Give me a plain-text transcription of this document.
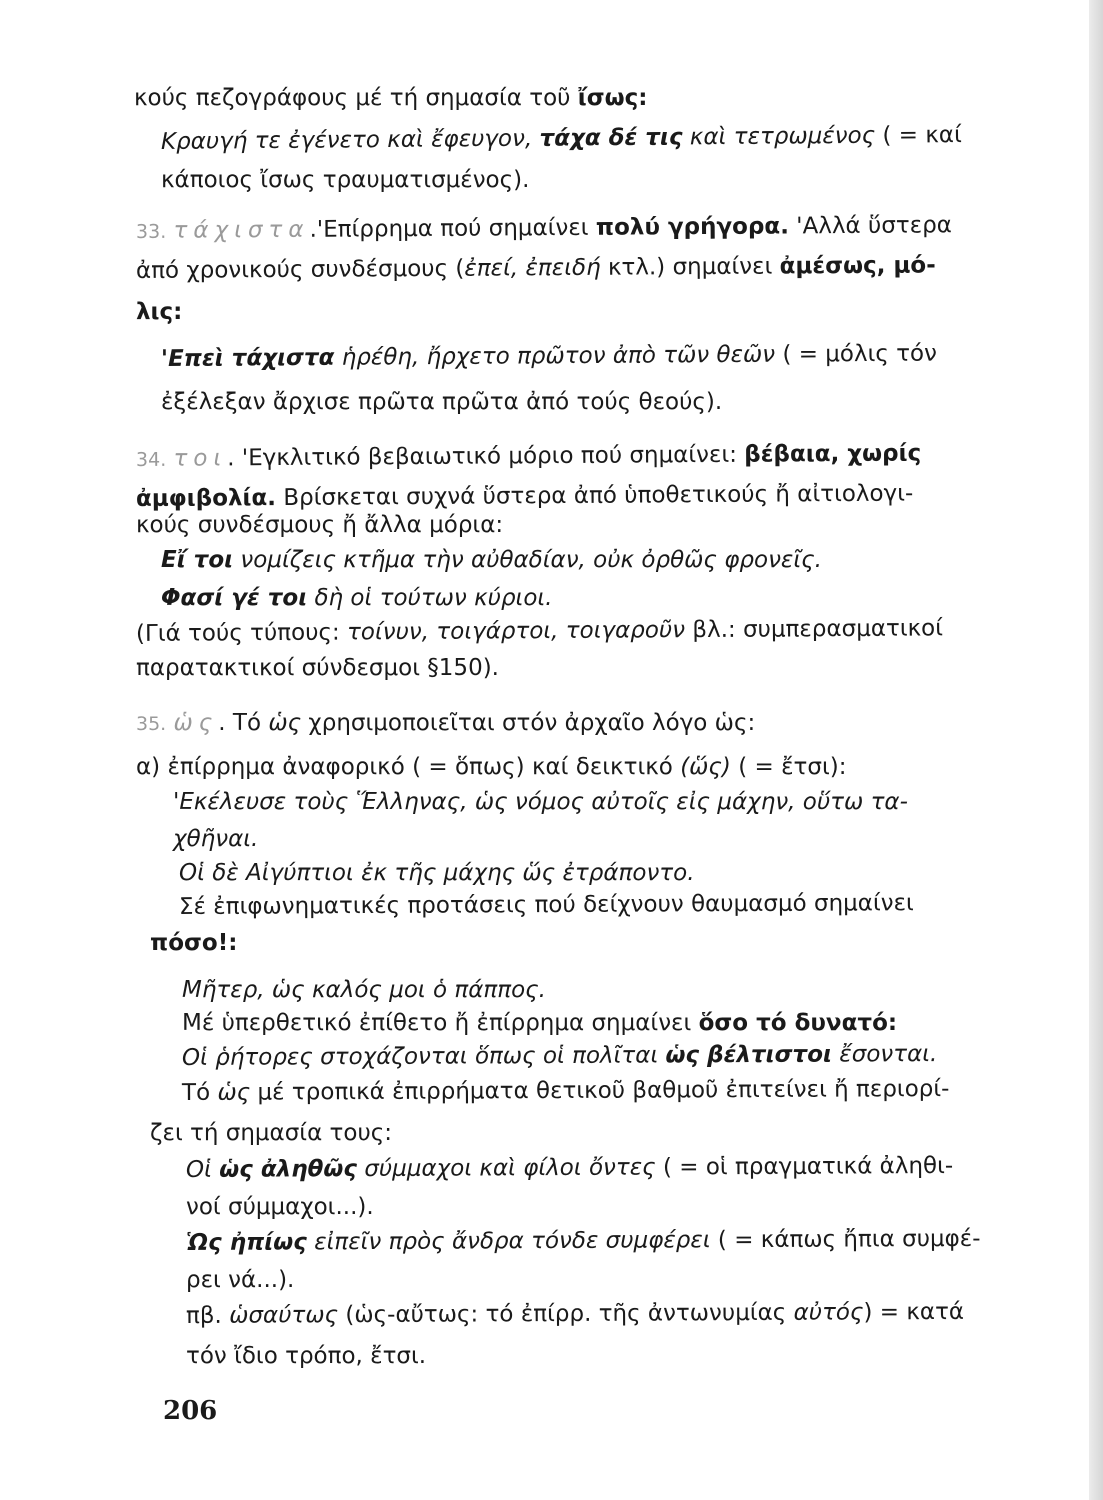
κούς πεζογράφους μέ τή σημασία τοῦ ἴσως:
Κραυγή τε ἐγένετο καὶ ἔφευγον, τάχα δέ τις καὶ τετρωμένος ( = καί
κάποιος ἴσως τραυματισμένος).
33. τάχιστα.'Επίρρημα πού σημαίνει πολύ γρήγορα. 'Αλλά ὕστερα
ἀπό χρονικούς συνδέσμους (ἐπεί, ἐπειδή κτλ.) σημαίνει ἀμέσως, μό-
λις:
'Επεὶ τάχιστα ἡρέθη, ἤρχετο πρῶτον ἀπὸ τῶν θεῶν ( = μόλις τόν
ἐξέλεξαν ἄρχισε πρῶτα πρῶτα ἀπό τούς θεούς).
34. τοι. 'Εγκλιτικό βεβαιωτικό μόριο πού σημαίνει: βέβαια, χωρίς
ἀμφιβολία. Βρίσκεται συχνά ὕστερα ἀπό ὑποθετικούς ἤ αἰτιολογι-
κούς συνδέσμους ἤ ἄλλα μόρια:
Εἴ τοι νομίζεις κτῆμα τὴν αὐθαδίαν, οὐκ ὀρθῶς φρονεῖς.
Φασί γέ τοι δὴ οἱ τούτων κύριοι.
(Γιά τούς τύπους: τοίνυν, τοιγάρτοι, τοιγαροῦν βλ.: συμπερασματικοί
παρατακτικοί σύνδεσμοι §150).
35. ὡς. Τό ὡς χρησιμοποιεῖται στόν ἀρχαῖο λόγο ὡς:
α) ἐπίρρημα ἀναφορικό ( = ὅπως) καί δεικτικό (ὥς) ( = ἔτσι):
'Εκέλευσε τοὺς Ἕλληνας, ὡς νόμος αὐτοῖς εἰς μάχην, οὕτω τα-
χθῆναι.
Οἱ δὲ Αἰγύπτιοι ἐκ τῆς μάχης ὥς ἐτράποντο.
Σέ ἐπιφωνηματικές προτάσεις πού δείχνουν θαυμασμό σημαίνει
πόσο!:
Μῆτερ, ὡς καλός μοι ὁ πάππος.
Μέ ὑπερθετικό ἐπίθετο ἤ ἐπίρρημα σημαίνει ὅσο τό δυνατό:
Οἱ ῥήτορες στοχάζονται ὅπως οἱ πολῖται ὡς βέλτιστοι ἔσονται.
Τό ὡς μέ τροπικά ἐπιρρήματα θετικοῦ βαθμοῦ ἐπιτείνει ἤ περιορί-
ζει τή σημασία τους:
Οἱ ὡς ἀληθῶς σύμμαχοι καὶ φίλοι ὄντες ( = οἱ πραγματικά ἀληθι-
νοί σύμμαχοι...).
Ὡς ἠπίως εἰπεῖν πρὸς ἄνδρα τόνδε συμφέρει ( = κάπως ἤπια συμφέ-
ρει νά...).
πβ. ὡσαύτως (ὡς-αὔτως: τό ἐπίρρ. τῆς ἀντωνυμίας αὐτός) = κατά
τόν ἴδιο τρόπο, ἔτσι.
206
